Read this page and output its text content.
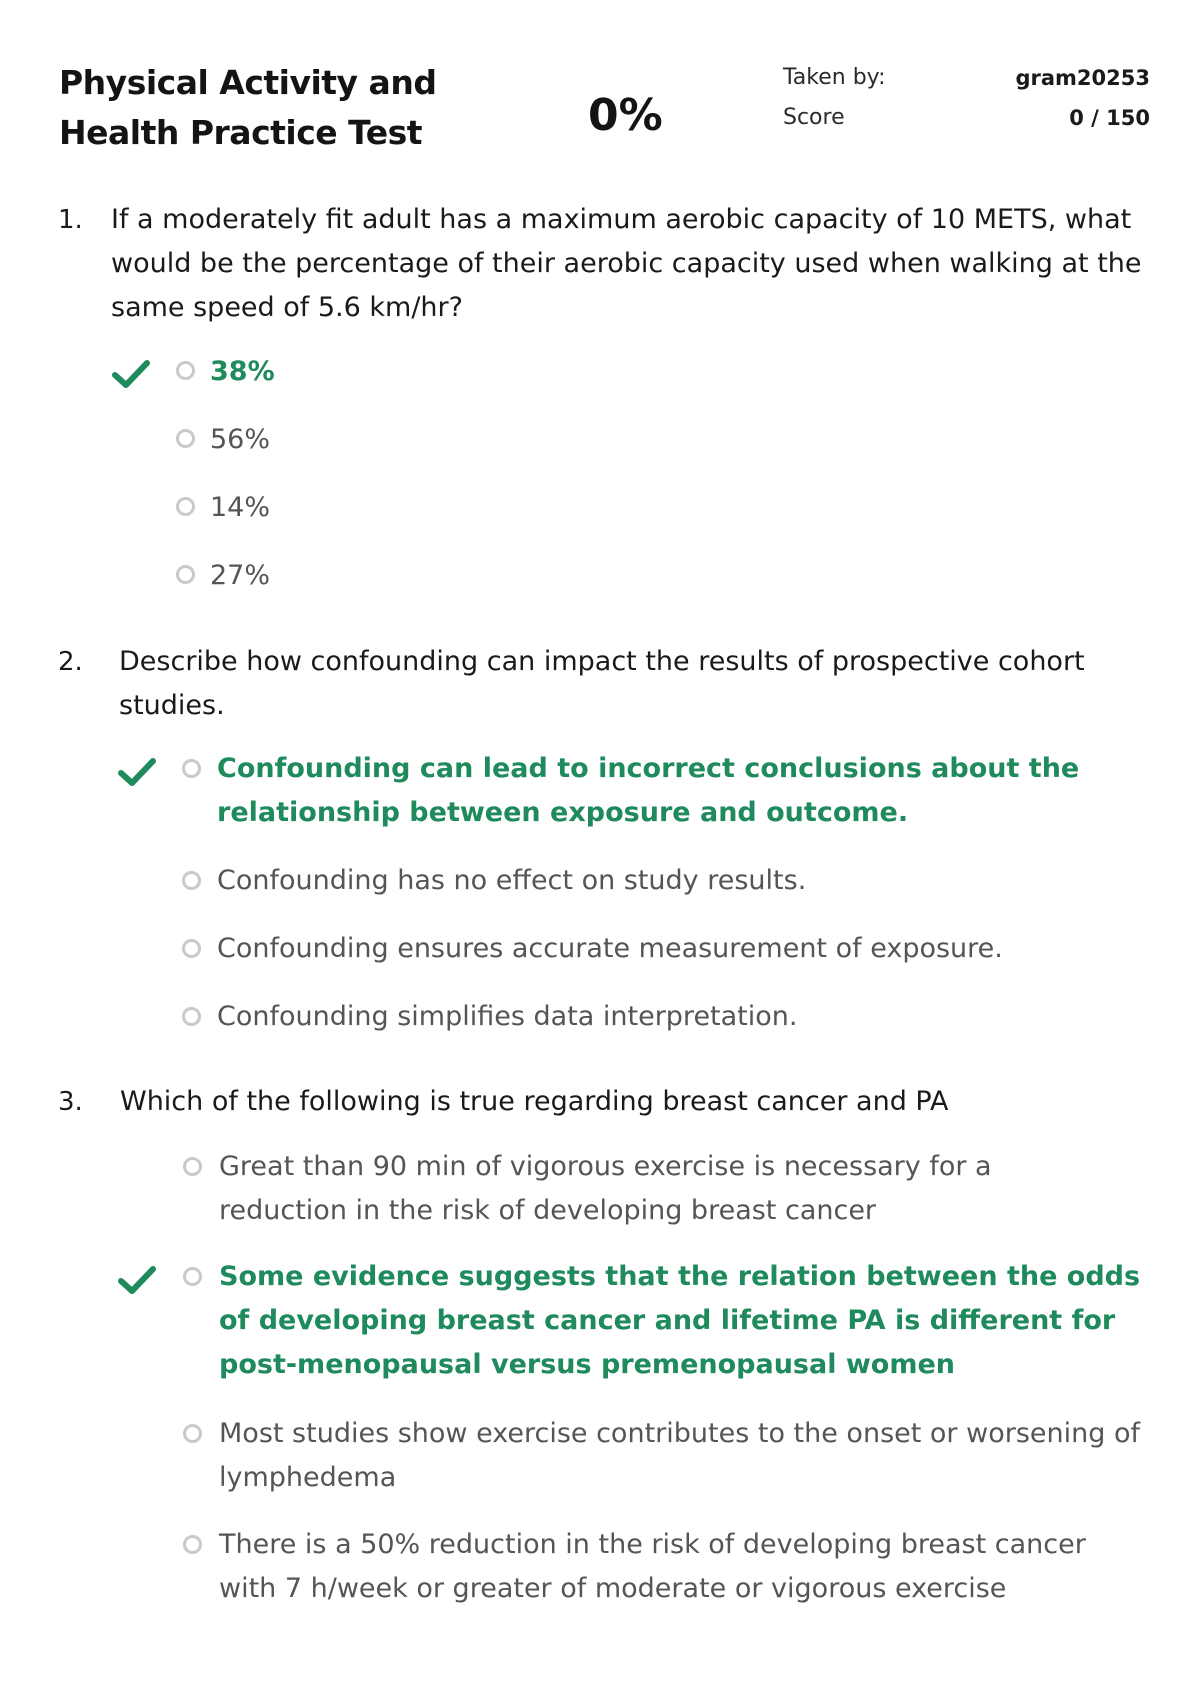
Physical Activity and Health Practice Test	0%
Taken by:	gram20253
Score	0 / 150
1. If a moderately fit adult has a maximum aerobic capacity of 10 METS, what would be the percentage of their aerobic capacity used when walking at the same speed of 5.6 km/hr?
38%
56%
14%
27%
2. Describe how confounding can impact the results of prospective cohort studies.
Confounding can lead to incorrect conclusions about the relationship between exposure and outcome.
Confounding has no effect on study results.
Confounding ensures accurate measurement of exposure.
Confounding simplifies data interpretation.
3. Which of the following is true regarding breast cancer and PA
Great than 90 min of vigorous exercise is necessary for a reduction in the risk of developing breast cancer
Some evidence suggests that the relation between the odds of developing breast cancer and lifetime PA is different for post-menopausal versus premenopausal women
Most studies show exercise contributes to the onset or worsening of lymphedema
There is a 50% reduction in the risk of developing breast cancer with 7 h/week or greater of moderate or vigorous exercise
